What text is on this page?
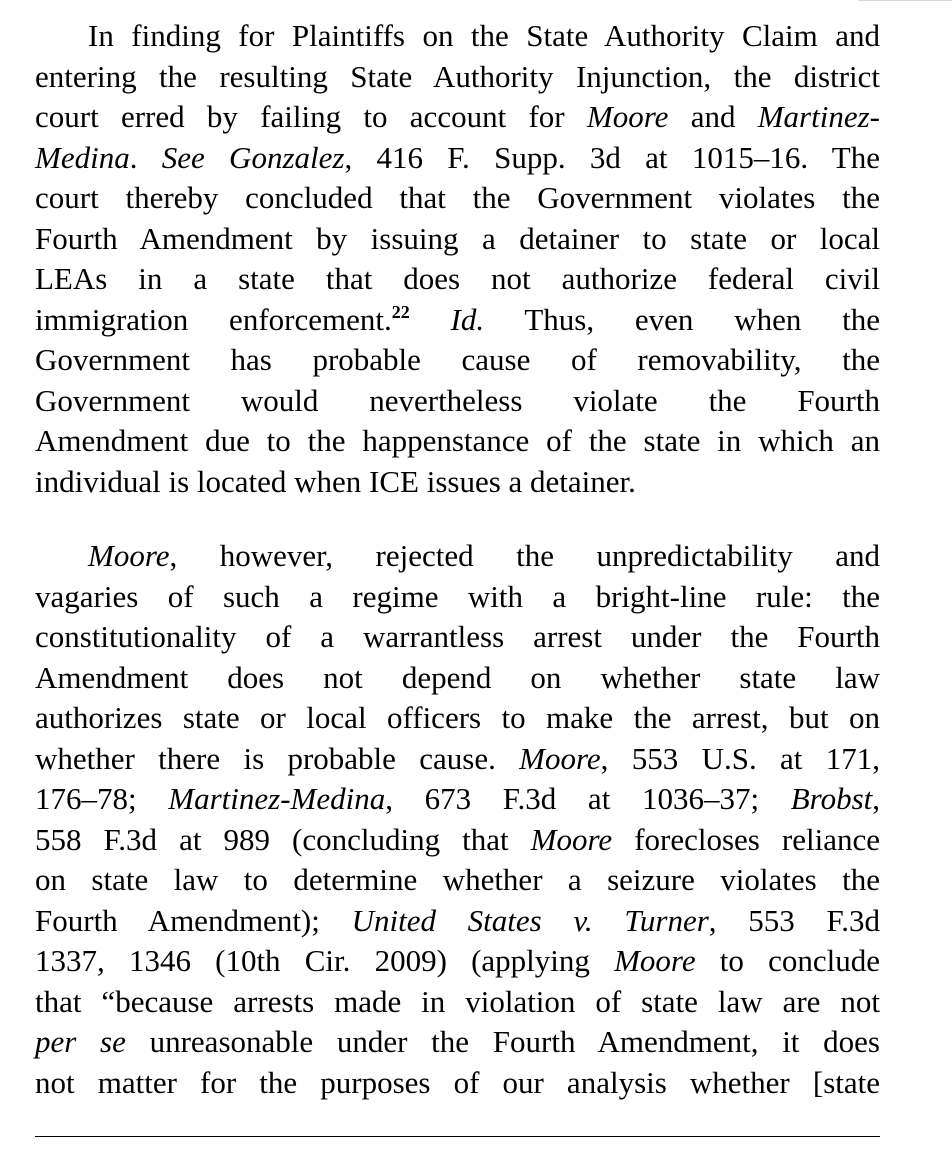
In finding for Plaintiffs on the State Authority Claim and
entering the resulting State Authority Injunction, the district
court erred by failing to account for Moore and Martinez-
Medina. See Gonzalez, 416 F. Supp. 3d at 1015–16. The
court thereby concluded that the Government violates the
Fourth Amendment by issuing a detainer to state or local
LEAs in a state that does not authorize federal civil
immigration enforcement.$^{22}$ Id. Thus, even when the
Government has probable cause of removability, the
Government would nevertheless violate the Fourth
Amendment due to the happenstance of the state in which an
individual is located when ICE issues a detainer.
Moore, however, rejected the unpredictability and
vagaries of such a regime with a bright-line rule: the
constitutionality of a warrantless arrest under the Fourth
Amendment does not depend on whether state law
authorizes state or local officers to make the arrest, but on
whether there is probable cause. Moore, 553 U.S. at 171,
176–78; Martinez-Medina, 673 F.3d at 1036–37; Brobst,
558 F.3d at 989 (concluding that Moore forecloses reliance
on state law to determine whether a seizure violates the
Fourth Amendment); United States v. Turner, 553 F.3d
1337, 1346 (10th Cir. 2009) (applying Moore to conclude
that “because arrests made in violation of state law are not
per se unreasonable under the Fourth Amendment, it does
not matter for the purposes of our analysis whether [state
